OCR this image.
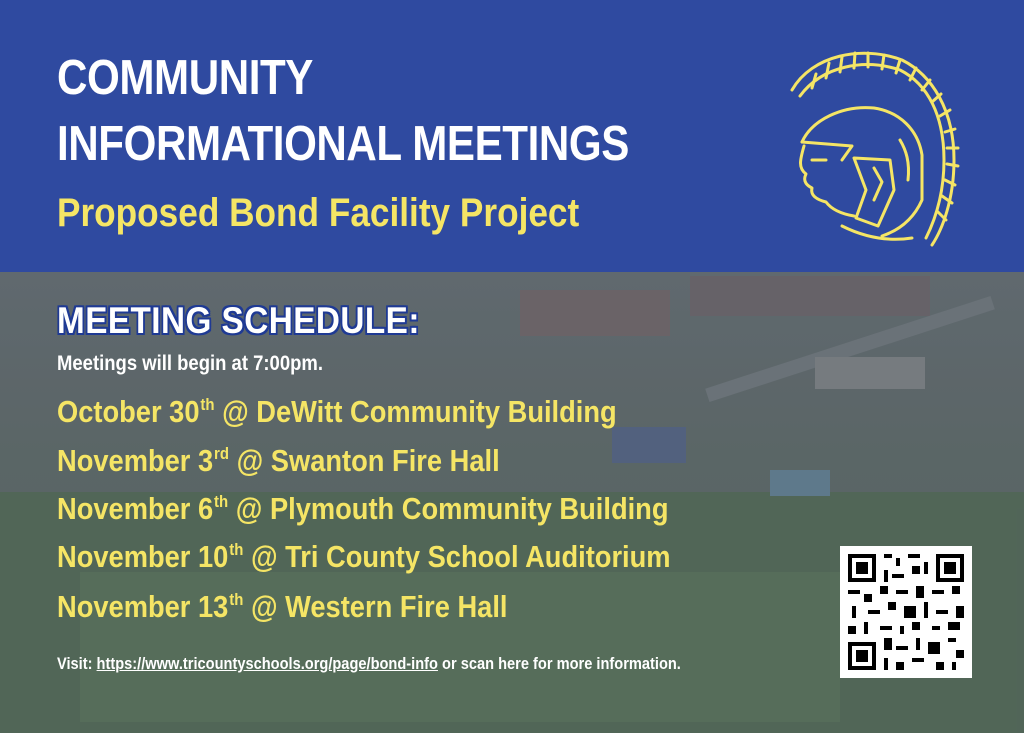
COMMUNITY
INFORMATIONAL MEETINGS
Proposed Bond Facility Project
MEETING SCHEDULE:
Meetings will begin at 7:00pm.
October 30th @ DeWitt Community Building
November 3rd @ Swanton Fire Hall
November 6th @ Plymouth Community Building
November 10th @ Tri County School Auditorium
November 13th @ Western Fire Hall
Visit: https://www.tricountyschools.org/page/bond-info or scan here for more information.
